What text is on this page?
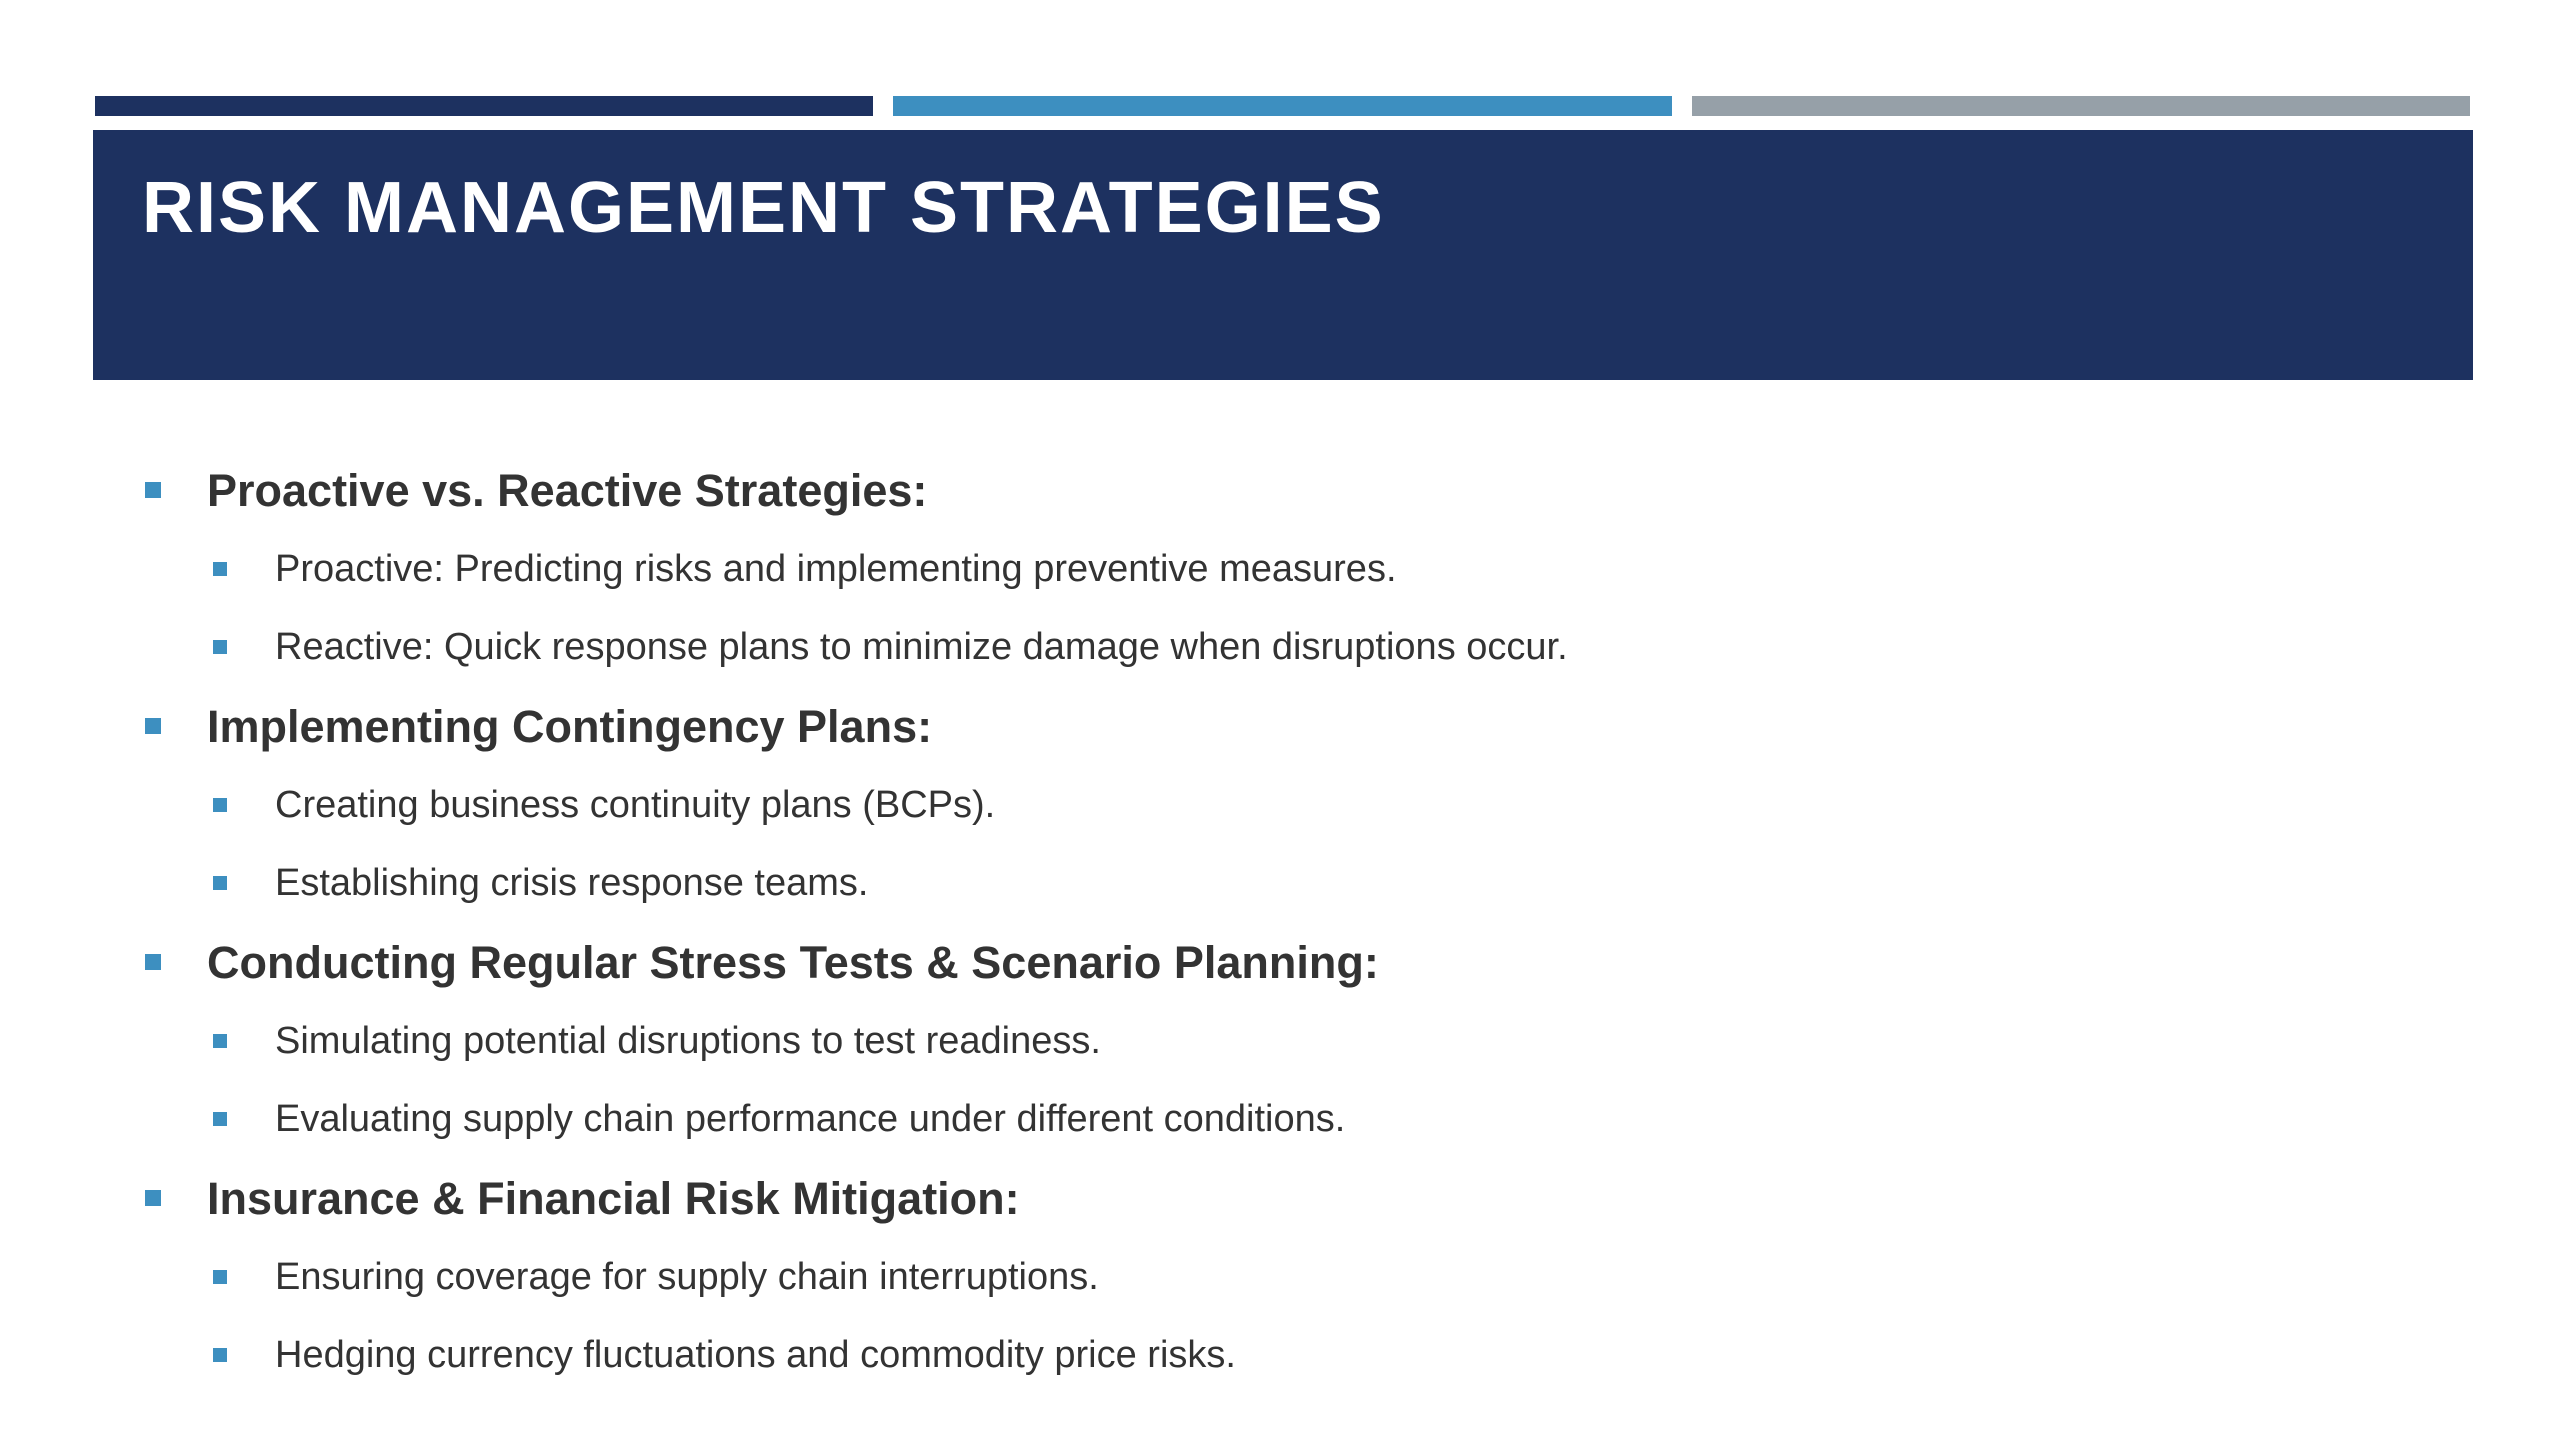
RISK MANAGEMENT STRATEGIES
Proactive vs. Reactive Strategies:
Proactive: Predicting risks and implementing preventive measures.
Reactive: Quick response plans to minimize damage when disruptions occur.
Implementing Contingency Plans:
Creating business continuity plans (BCPs).
Establishing crisis response teams.
Conducting Regular Stress Tests & Scenario Planning:
Simulating potential disruptions to test readiness.
Evaluating supply chain performance under different conditions.
Insurance & Financial Risk Mitigation:
Ensuring coverage for supply chain interruptions.
Hedging currency fluctuations and commodity price risks.
